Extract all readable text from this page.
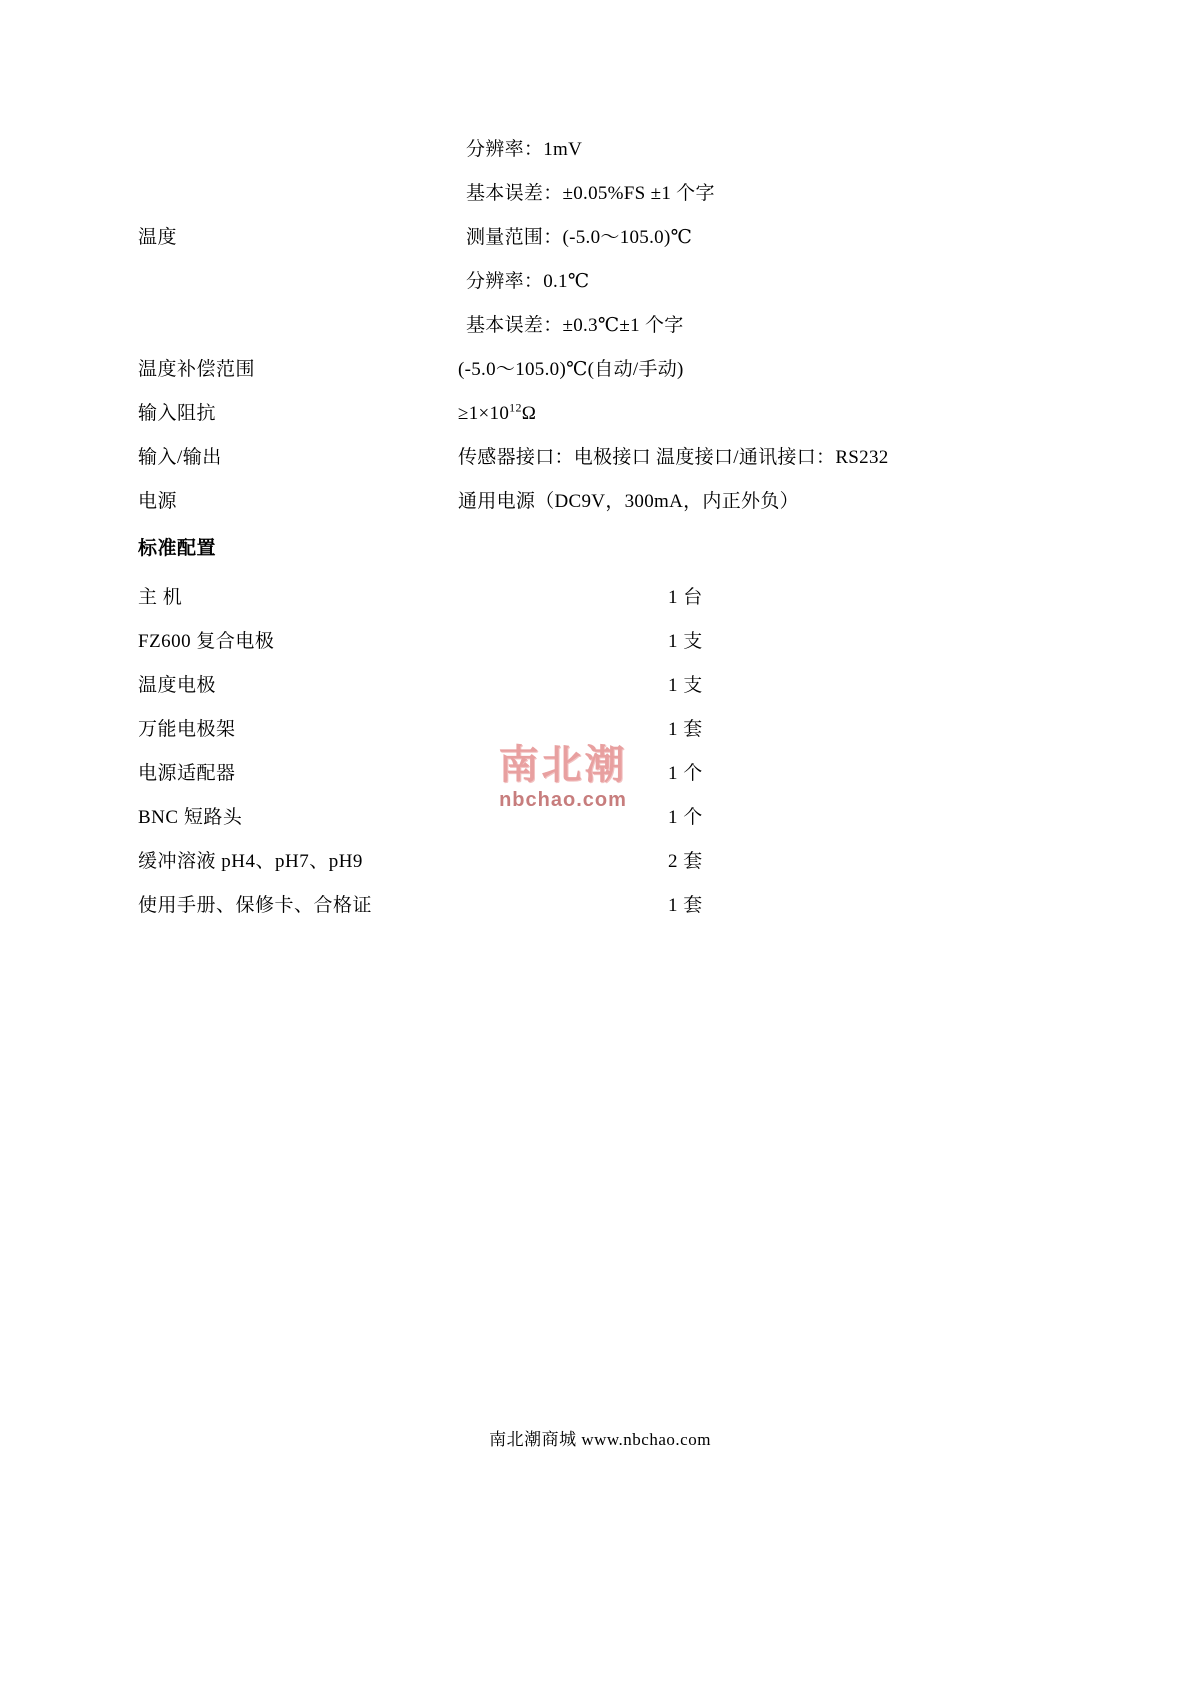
分辨率：1mV
基本误差：±0.05%FS ±1 个字
温度	测量范围：(-5.0～105.0)℃
分辨率：0.1℃
基本误差：±0.3℃±1 个字
温度补偿范围	(-5.0～105.0)℃(自动/手动)
输入阻抗	$\ge 1\times 10^{12}\Omega$
输入/输出	传感器接口：电极接口 温度接口/通讯接口：RS232
电源	通用电源（DC9V，300mA，内正外负）
标准配置
主 机	1 台
FZ600 复合电极	1 支
温度电极	1 支
万能电极架	1 套
电源适配器	1 个
BNC 短路头	1 个
缓冲溶液 pH4、pH7、pH9	2 套
使用手册、保修卡、合格证	1 套
南北潮
nbchao.com
南北潮商城 www.nbchao.com
